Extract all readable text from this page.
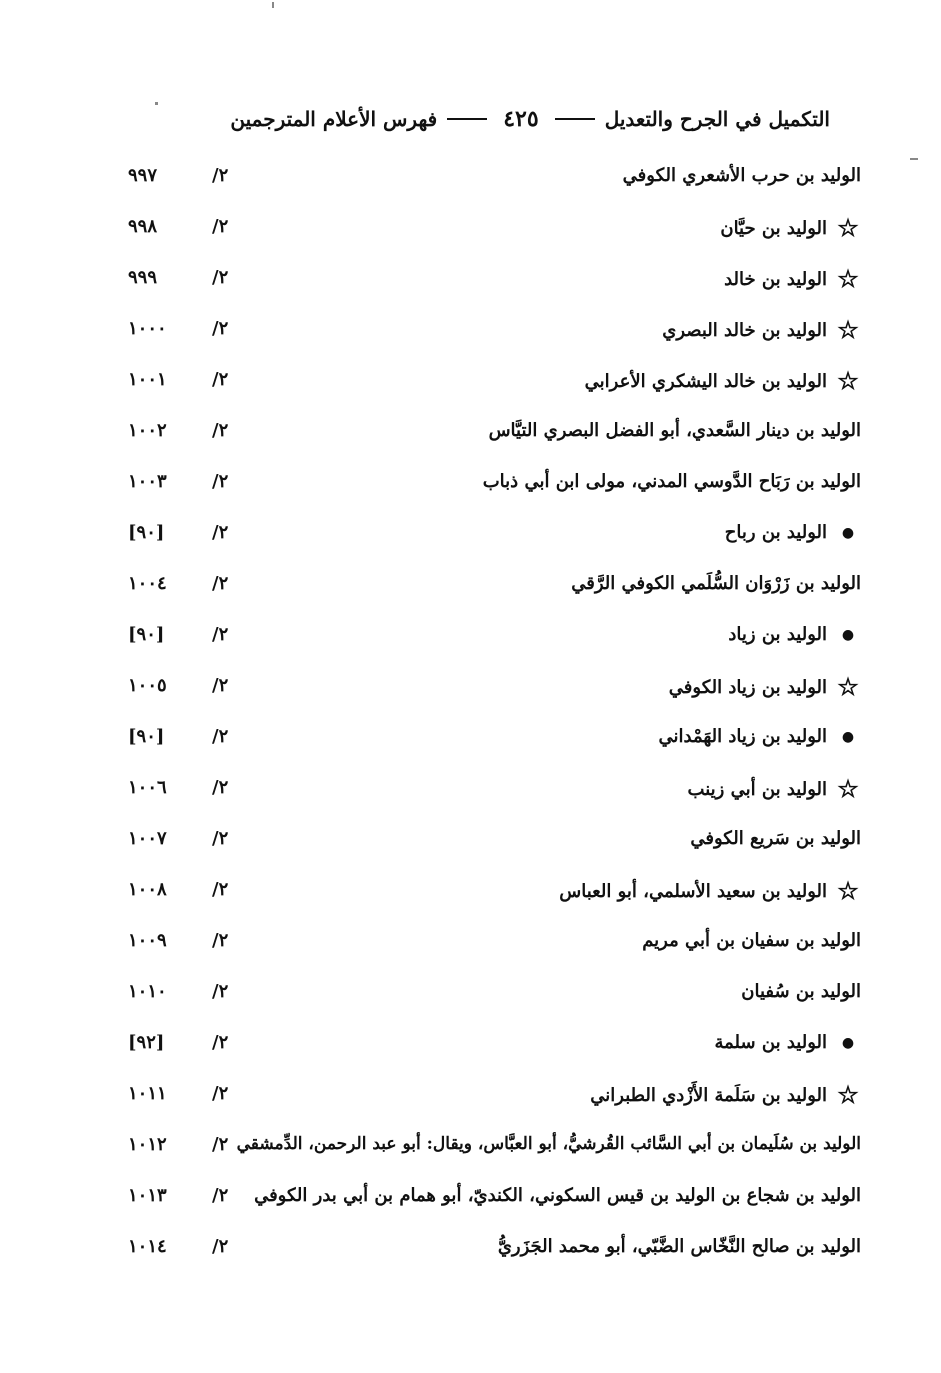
التكميل في الجرح والتعديل
٤٢٥
فهرس الأعلام المترجمين
الوليد بن حرب الأشعري الكوفي
٢/
٩٩٧
☆
الوليد بن حيَّان
٢/
٩٩٨
☆
الوليد بن خالد
٢/
٩٩٩
☆
الوليد بن خالد البصري
٢/
١٠٠٠
☆
الوليد بن خالد اليشكري الأعرابي
٢/
١٠٠١
الوليد بن دينار السَّعدي، أبو الفضل البصري التيَّاس
٢/
١٠٠٢
الوليد بن رَبَاح الدَّوسي المدني، مولى ابن أبي ذباب
٢/
١٠٠٣
●
الوليد بن رباح
٢/
[٩٠]
الوليد بن زَرْوَان السُّلَمي الكوفي الرَّقي
٢/
١٠٠٤
●
الوليد بن زياد
٢/
[٩٠]
☆
الوليد بن زياد الكوفي
٢/
١٠٠٥
●
الوليد بن زياد الهَمْداني
٢/
[٩٠]
☆
الوليد بن أبي زينب
٢/
١٠٠٦
الوليد بن سَريع الكوفي
٢/
١٠٠٧
☆
الوليد بن سعيد الأسلمي، أبو العباس
٢/
١٠٠٨
الوليد بن سفيان بن أبي مريم
٢/
١٠٠٩
الوليد بن سُفيان
٢/
١٠١٠
●
الوليد بن سلمة
٢/
[٩٢]
☆
الوليد بن سَلَمة الأَزْدي الطبراني
٢/
١٠١١
الوليد بن سُلَيمان بن أبي السَّائب القُرشيُّ، أبو العبَّاس، ويقال: أبو عبد الرحمن، الدِّمشقي
٢/
١٠١٢
الوليد بن شجاع بن الوليد بن قيس السكوني، الكنديّ، أبو همام بن أبي بدر الكوفي
٢/
١٠١٣
الوليد بن صالح النَّخّاس الضَّبّي، أبو محمد الجَزَريُّ
٢/
١٠١٤
